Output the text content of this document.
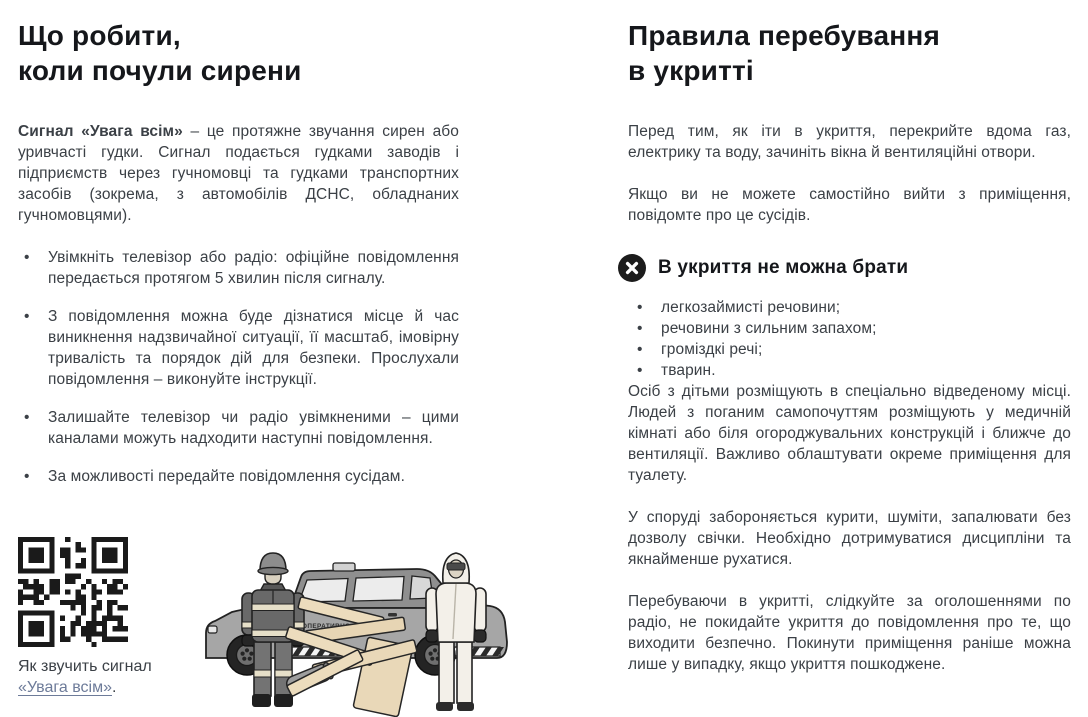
Що робити,
коли почули сирени

Сигнал «Увага всім» – це протяжне звучання сирен або уривчасті гудки. Сигнал подається гудками заводів і підприємств через гучномовці та гудками транспортних засобів (зокрема, з автомобілів ДСНС, обладнаних гучномовцями).

• Увімкніть телевізор або радіо: офіційне повідомлення передається протягом 5 хвилин після сигналу.
• З повідомлення можна буде дізнатися місце й час виникнення надзвичайної ситуації, її масштаб, імовірну тривалість та порядок дій для безпеки. Прослухали повідомлення – виконуйте інструкції.
• Залишайте телевізор чи радіо увімкненими – цими каналами можуть надходити наступні повідомлення.
• За можливості передайте повідомлення сусідам.
Як звучить сигнал
«Увага всім».
Правила перебування
в укритті

Перед тим, як іти в укриття, перекрийте вдома газ, електрику та воду, зачиніть вікна й вентиляційні отвори.

Якщо ви не можете самостійно вийти з приміщення, повідомте про це сусідів.

В укриття не можна брати
• легкозаймисті речовини;
• речовини з сильним запахом;
• громіздкі речі;
• тварин.

Осіб з дітьми розміщують в спеціально відведеному місці. Людей з поганим самопочуттям розміщують у медичній кімнаті або біля огороджувальних конструкцій і ближче до вентиляції. Важливо облаштувати окреме приміщення для туалету.

У споруді забороняється курити, шуміти, запалювати без дозволу свічки. Необхідно дотримуватися дисципліни та якнайменше рухатися.

Перебуваючи в укритті, слідкуйте за оголошеннями по радіо, не покидайте укриття до повідомлення про те, що виходити безпечно. Покинути приміщення раніше можна лише у випадку, якщо укриття пошкоджене.
